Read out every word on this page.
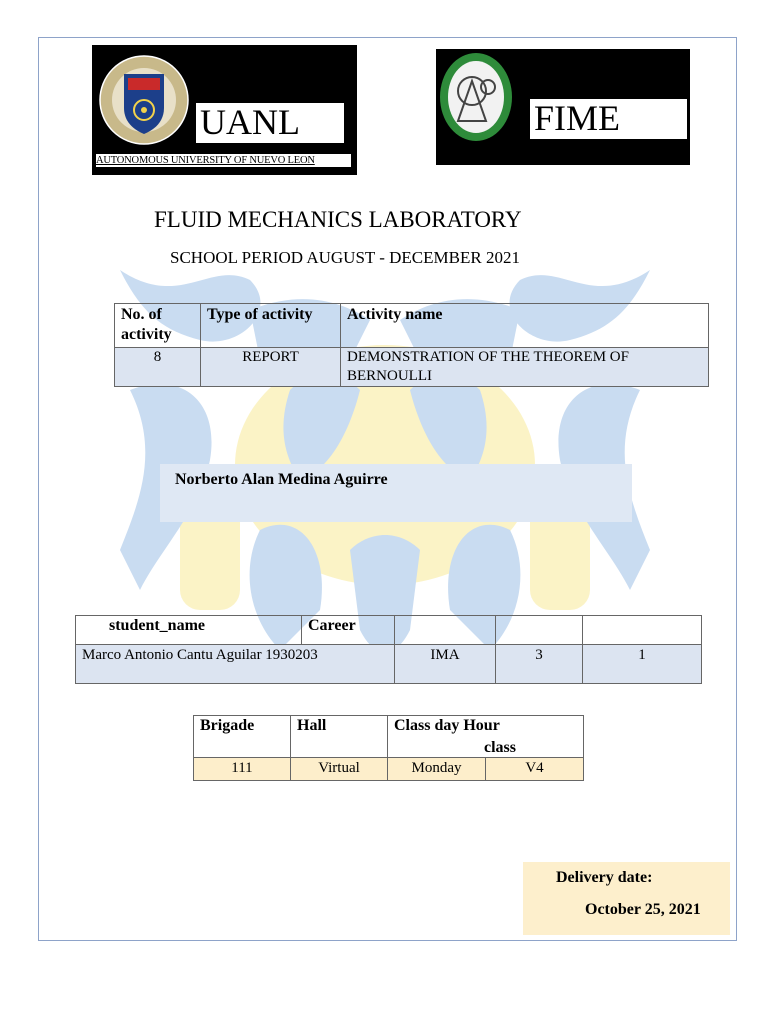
UANL
AUTONOMOUS UNIVERSITY OF NUEVO LEON
FIME
FLUID MECHANICS LABORATORY
SCHOOL PERIOD AUGUST - DECEMBER 2021
No. of activity	Type of activity	Activity name
8	REPORT	DEMONSTRATION OF THE THEOREM OF BERNOULLI
Norberto Alan Medina Aguirre
student_name	Career			
Marco Antonio Cantu Aguilar 1930203		IMA	3	1
Brigade	Hall	Class day Hour
class	

111	Virtual	Monday	V4
Delivery date:
October 25, 2021
